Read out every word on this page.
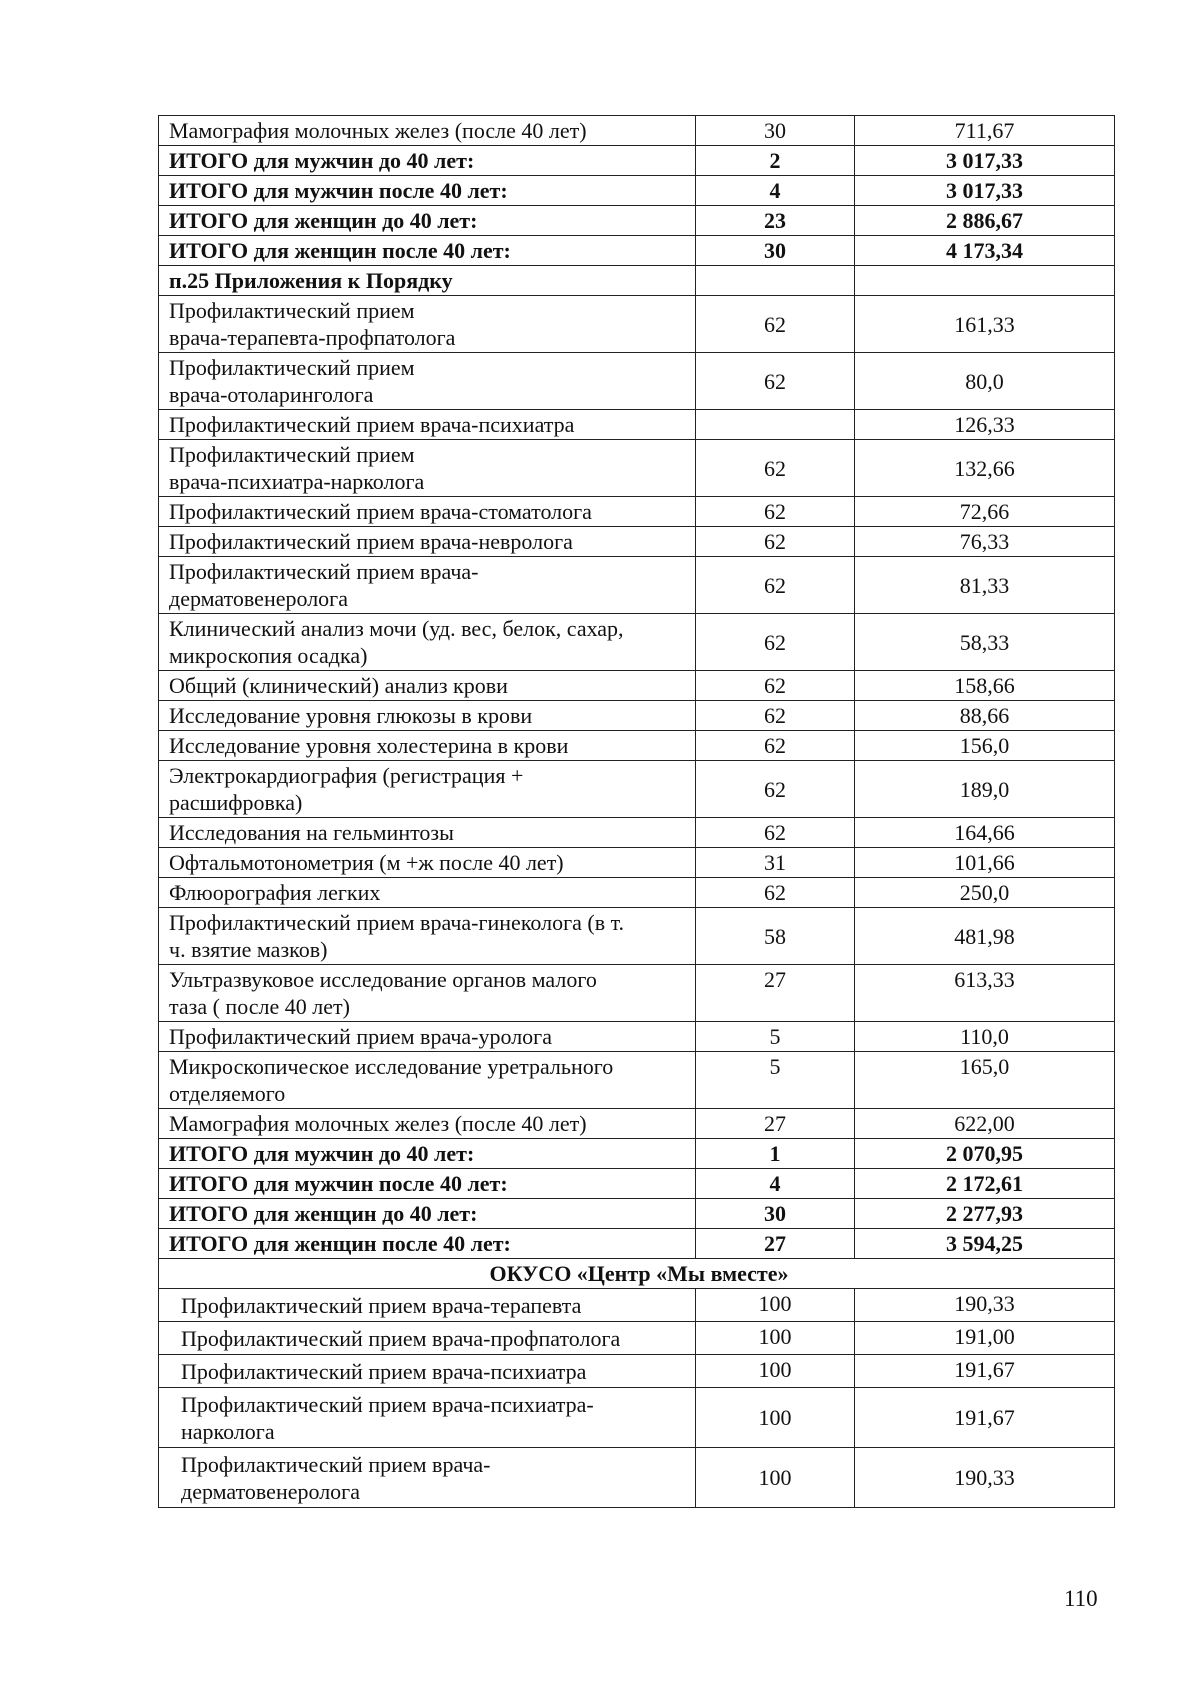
Мамография молочных желез (после 40 лет)	30	711,67
ИТОГО для мужчин до 40 лет:	2	3 017,33
ИТОГО для мужчин после 40 лет:	4	3 017,33
ИТОГО для женщин до 40 лет:	23	2 886,67
ИТОГО для женщин после 40 лет:	30	4 173,34
п.25 Приложения к Порядку		
Профилактический прием
врача-терапевта-профпатолога	62	161,33
Профилактический прием
врача-отоларинголога	62	80,0
Профилактический прием врача-психиатра		126,33
Профилактический прием
врача-психиатра-нарколога	62	132,66
Профилактический прием врача-стоматолога	62	72,66
Профилактический прием врача-невролога	62	76,33
Профилактический прием врача-
дерматовенеролога	62	81,33
Клинический анализ мочи (уд. вес, белок, сахар,
микроскопия осадка)	62	58,33
Общий (клинический) анализ крови	62	158,66
Исследование уровня глюкозы в крови	62	88,66
Исследование уровня холестерина в крови	62	156,0
Электрокардиография (регистрация +
расшифровка)	62	189,0
Исследования на гельминтозы	62	164,66
Офтальмотонометрия (м +ж после 40 лет)	31	101,66
Флюорография легких	62	250,0
Профилактический прием врача-гинеколога (в т.
ч. взятие мазков)	58	481,98
Ультразвуковое исследование органов малого
таза ( после 40 лет)	27	613,33
Профилактический прием врача-уролога	5	110,0
Микроскопическое исследование уретрального
отделяемого	5	165,0
Мамография молочных желез (после 40 лет)	27	622,00
ИТОГО для мужчин до 40 лет:	1	2 070,95
ИТОГО для мужчин после 40 лет:	4	2 172,61
ИТОГО для женщин до 40 лет:	30	2 277,93
ИТОГО для женщин после 40 лет:	27	3 594,25
ОКУСО «Центр «Мы вместе»		
Профилактический прием врача-терапевта	100	190,33
Профилактический прием врача-профпатолога	100	191,00
Профилактический прием врача-психиатра	100	191,67
Профилактический прием врача-психиатра-
нарколога	100	191,67
Профилактический прием врача-
дерматовенеролога	100	190,33
110
